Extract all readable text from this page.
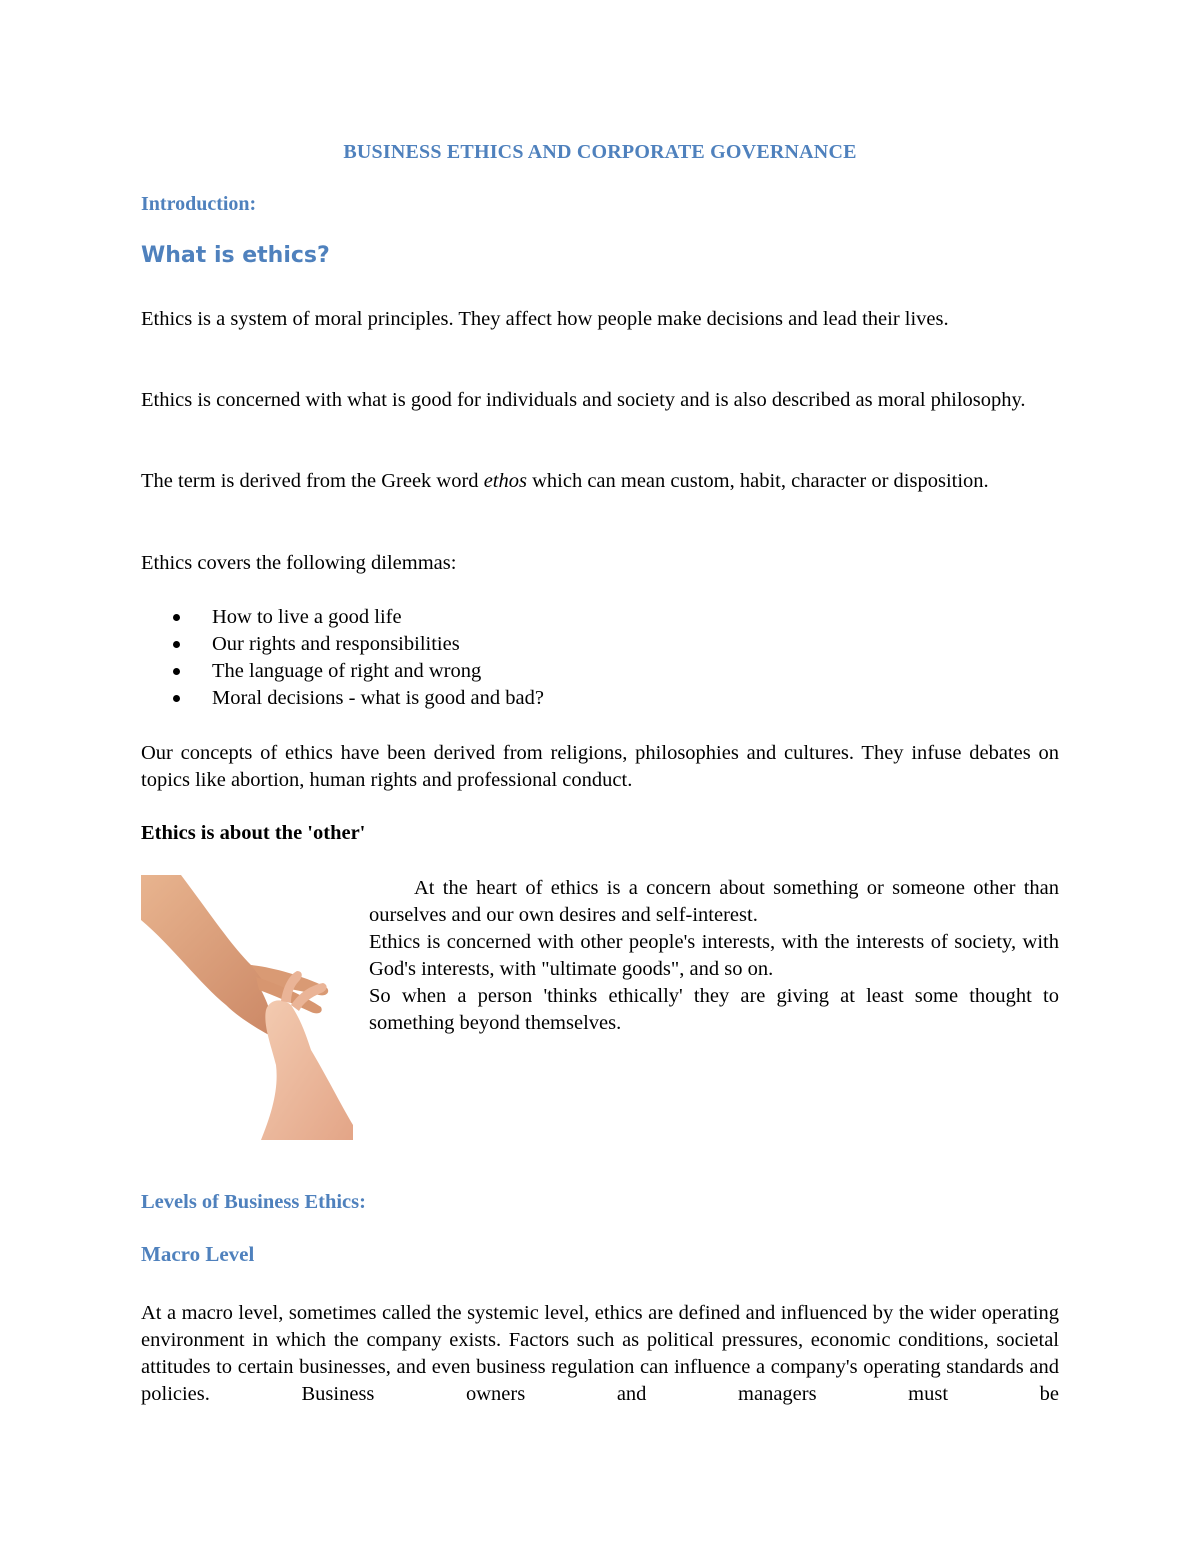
BUSINESS ETHICS AND CORPORATE GOVERNANCE
Introduction:
What is ethics?

Ethics is a system of moral principles. They affect how people make decisions and lead their lives.

Ethics is concerned with what is good for individuals and society and is also described as moral philosophy.

The term is derived from the Greek word ethos which can mean custom, habit, character or disposition.

Ethics covers the following dilemmas:

How to live a good life
Our rights and responsibilities
The language of right and wrong
Moral decisions - what is good and bad?

Our concepts of ethics have been derived from religions, philosophies and cultures. They infuse debates on topics like abortion, human rights and professional conduct.

Ethics is about the 'other'

At the heart of ethics is a concern about something or someone other than ourselves and our own desires and self-interest.

Ethics is concerned with other people's interests, with the interests of society, with God's interests, with "ultimate goods", and so on.

So when a person 'thinks ethically' they are giving at least some thought to something beyond themselves.

Levels of Business Ethics:
Macro Level

At a macro level, sometimes called the systemic level, ethics are defined and influenced by the wider operating environment in which the company exists. Factors such as political pressures, economic conditions, societal attitudes to certain businesses, and even business regulation can influence a company's operating standards and policies. Business owners and managers must be
